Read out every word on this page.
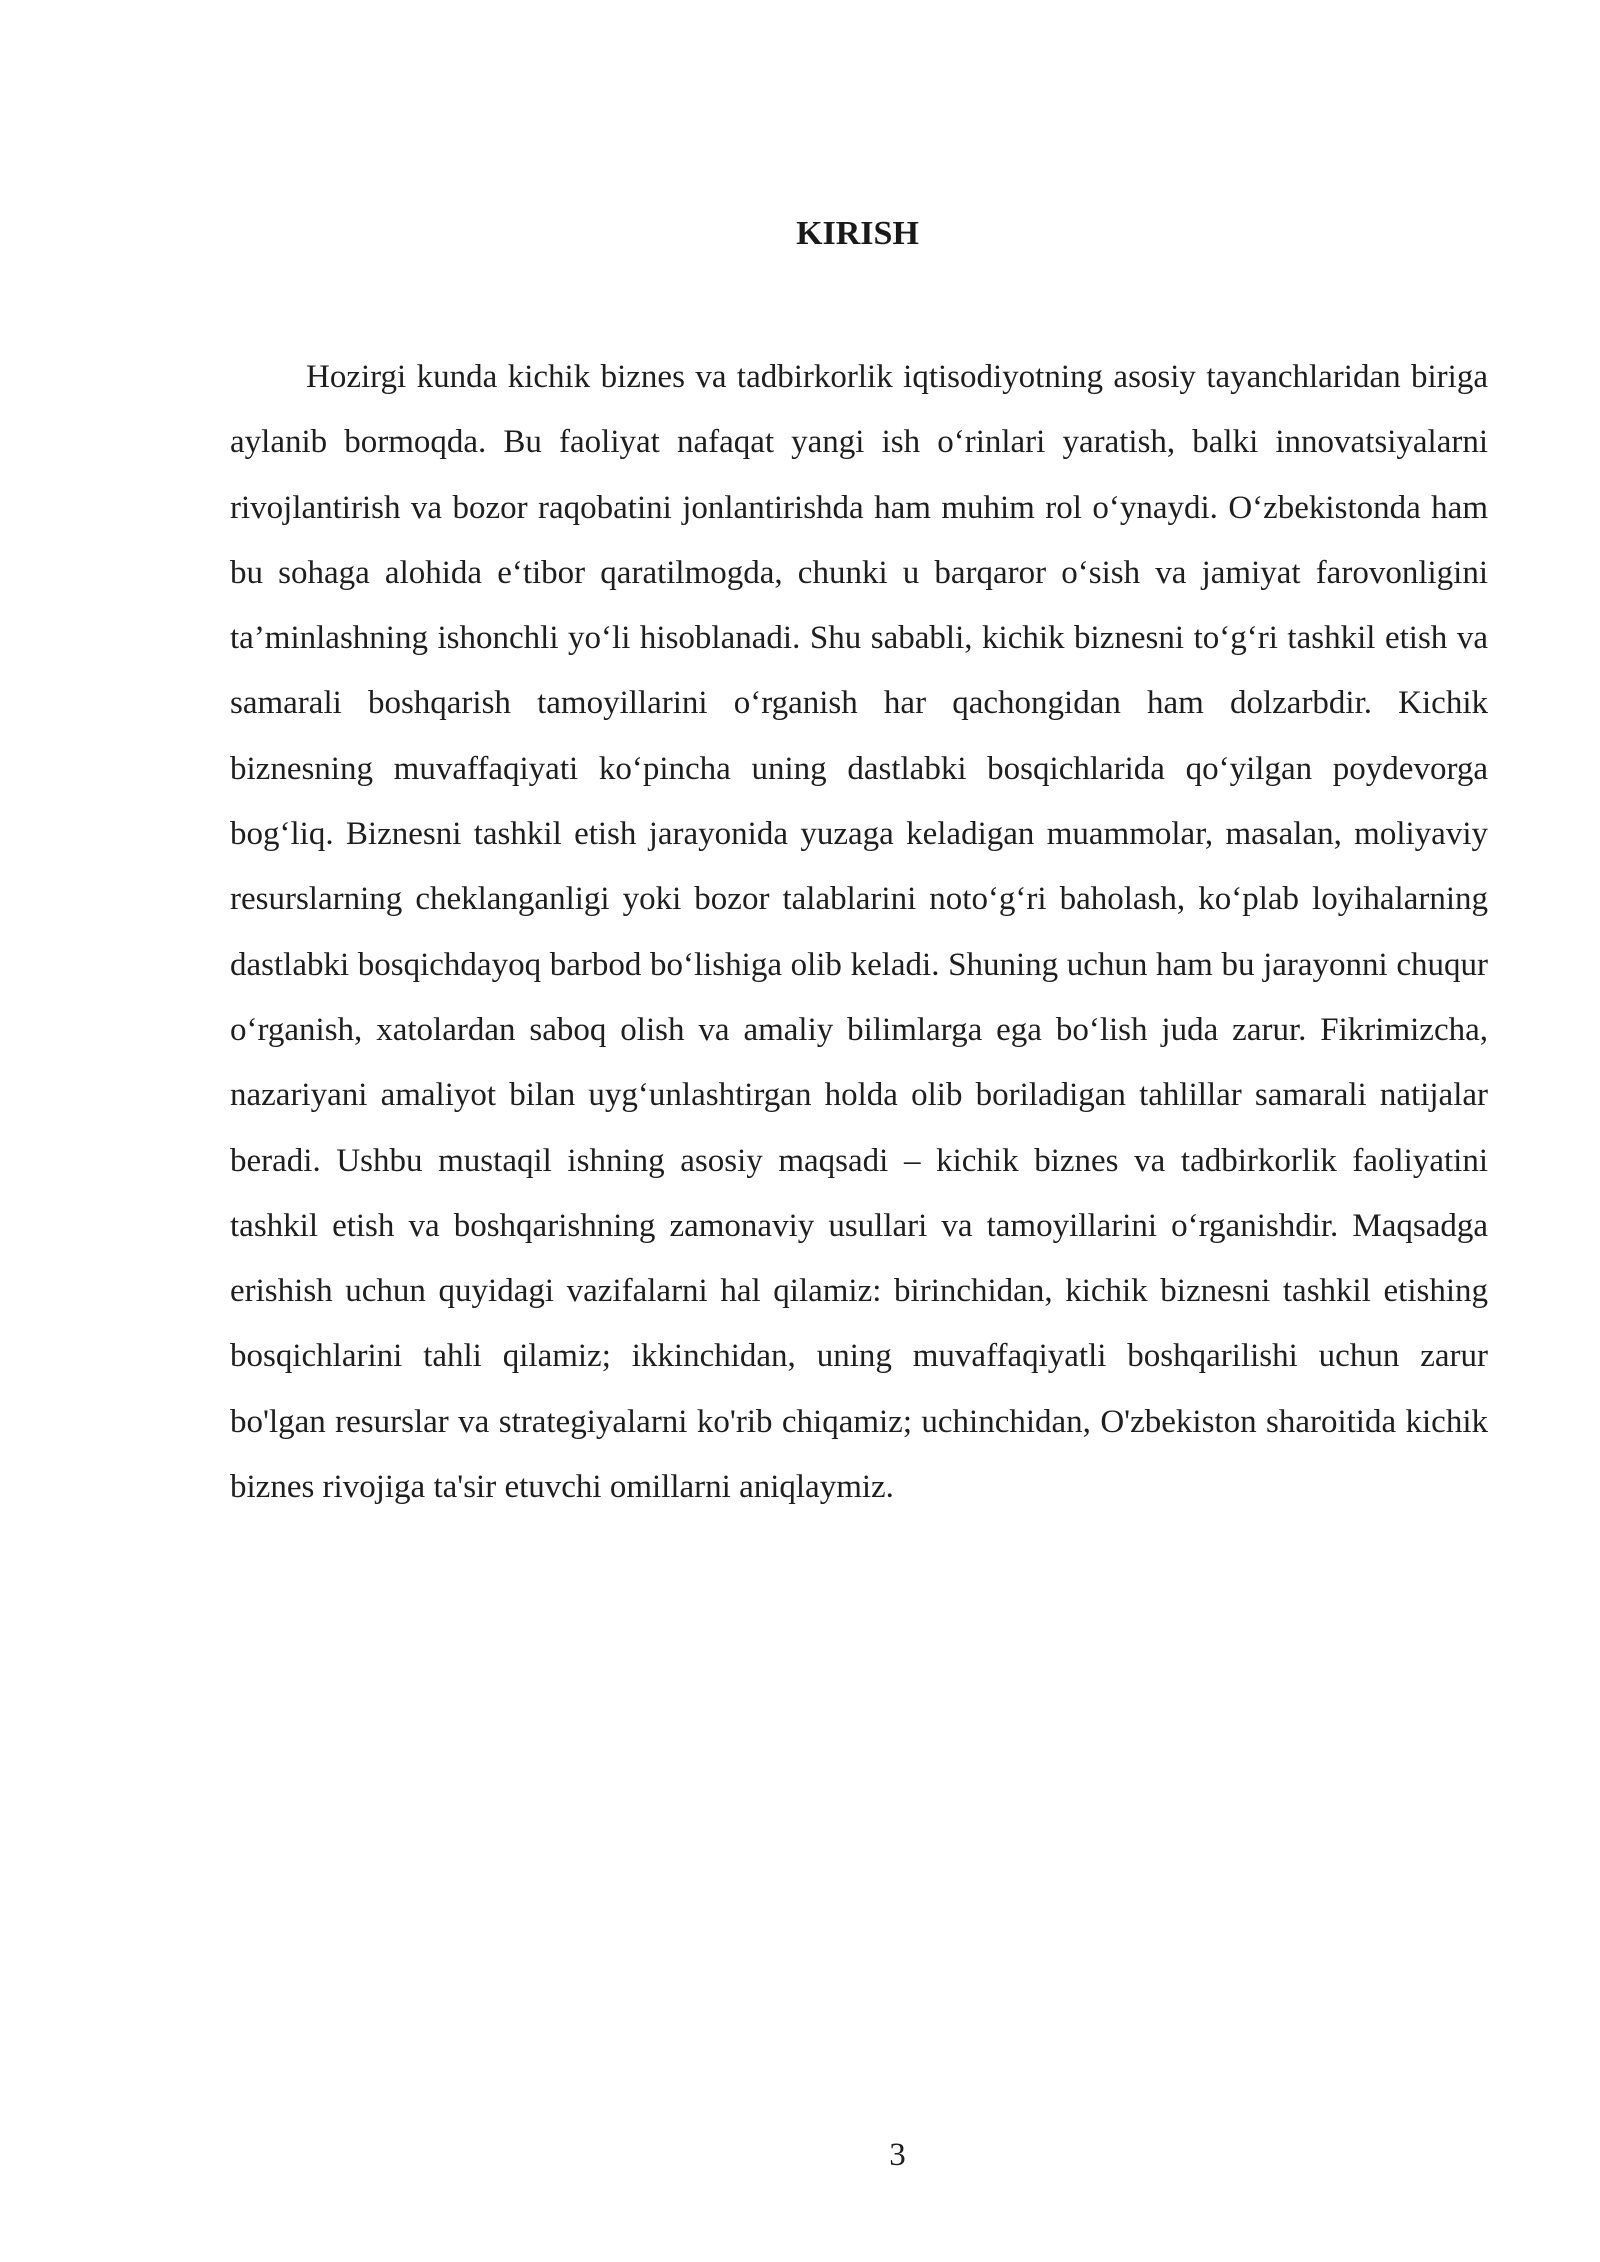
KIRISH

Hozirgi kunda kichik biznes va tadbirkorlik iqtisodiyotning asosiy tayanchlaridan biriga aylanib bormoqda. Bu faoliyat nafaqat yangi ish o‘rinlari yaratish, balki innovatsiyalarni rivojlantirish va bozor raqobatini jonlantirishda ham muhim rol o‘ynaydi. O‘zbekistonda ham bu sohaga alohida e‘tibor qaratilmogda, chunki u barqaror o‘sish va jamiyat farovonligini ta’minlashning ishonchli yo‘li hisoblanadi. Shu sababli, kichik biznesni to‘g‘ri tashkil etish va samarali boshqarish tamoyillarini o‘rganish har qachongidan ham dolzarbdir. Kichik biznesning muvaffaqiyati ko‘pincha uning dastlabki bosqichlarida qo‘yilgan poydevorga bog‘liq. Biznesni tashkil etish jarayonida yuzaga keladigan muammolar, masalan, moliyaviy resurslarning cheklanganligi yoki bozor talablarini noto‘g‘ri baholash, ko‘plab loyihalarning dastlabki bosqichdayoq barbod bo‘lishiga olib keladi. Shuning uchun ham bu jarayonni chuqur o‘rganish, xatolardan saboq olish va amaliy bilimlarga ega bo‘lish juda zarur. Fikrimizcha, nazariyani amaliyot bilan uyg‘unlashtirgan holda olib boriladigan tahlillar samarali natijalar beradi. Ushbu mustaqil ishning asosiy maqsadi – kichik biznes va tadbirkorlik faoliyatini tashkil etish va boshqarishning zamonaviy usullari va tamoyillarini o‘rganishdir. Maqsadga erishish uchun quyidagi vazifalarni hal qilamiz: birinchidan, kichik biznesni tashkil etishing bosqichlarini tahli qilamiz; ikkinchidan, uning muvaffaqiyatli boshqarilishi uchun zarur bo'lgan resurslar va strategiyalarni ko'rib chiqamiz; uchinchidan, O'zbekiston sharoitida kichik biznes rivojiga ta'sir etuvchi omillarni aniqlaymiz.

3
